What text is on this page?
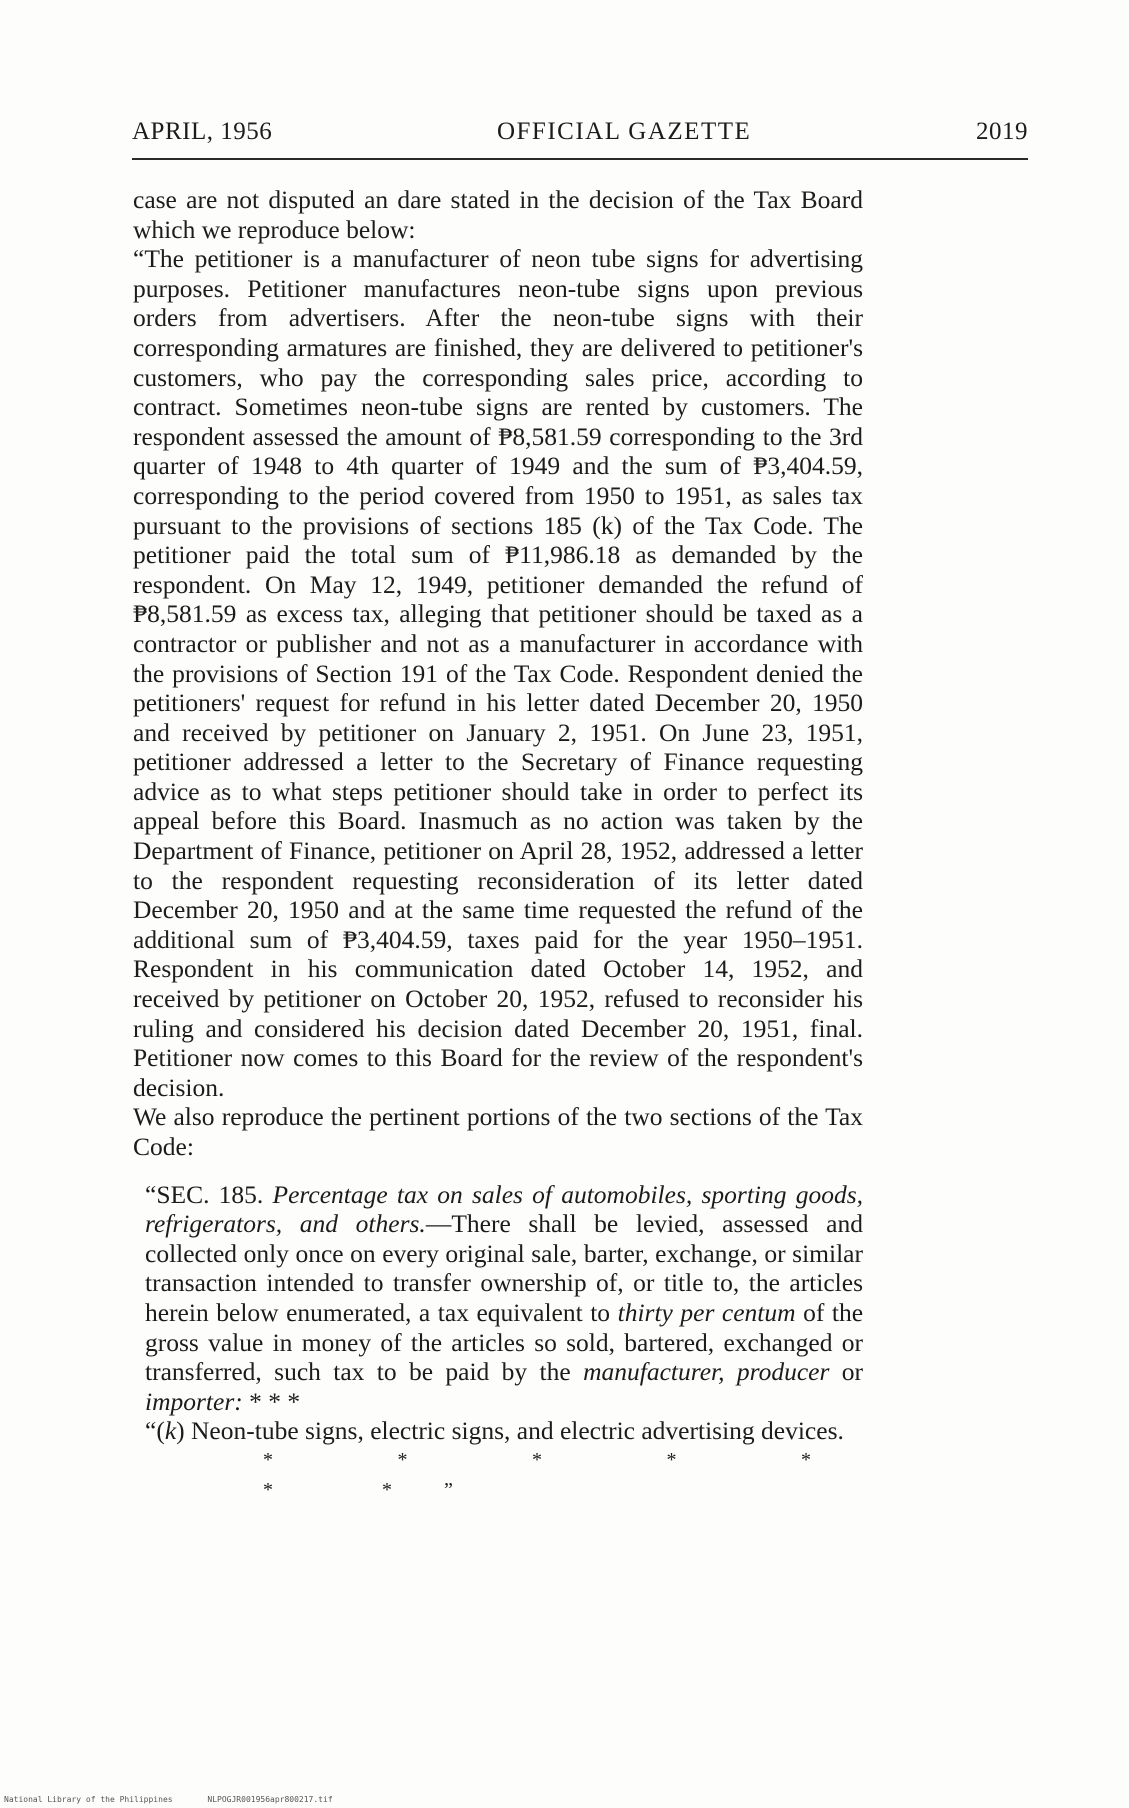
APRIL, 1956	OFFICIAL GAZETTE	2019

case are not disputed an dare stated in the decision of the Tax Board which we reproduce below:

“The petitioner is a manufacturer of neon tube signs for advertising purposes. Petitioner manufactures neon-tube signs upon previous orders from advertisers. After the neon-tube signs with their corresponding armatures are finished, they are delivered to petitioner's customers, who pay the corresponding sales price, according to contract. Sometimes neon-tube signs are rented by customers. The respondent assessed the amount of ₱8,581.59 corresponding to the 3rd quarter of 1948 to 4th quarter of 1949 and the sum of ₱3,404.59, corresponding to the period covered from 1950 to 1951, as sales tax pursuant to the provisions of sections 185 (k) of the Tax Code. The petitioner paid the total sum of ₱11,986.18 as demanded by the respondent. On May 12, 1949, petitioner demanded the refund of ₱8,581.59 as excess tax, alleging that petitioner should be taxed as a contractor or publisher and not as a manufacturer in accordance with the provisions of Section 191 of the Tax Code. Respondent denied the petitioners' request for refund in his letter dated December 20, 1950 and received by petitioner on January 2, 1951. On June 23, 1951, petitioner addressed a letter to the Secretary of Finance requesting advice as to what steps petitioner should take in order to perfect its appeal before this Board. Inasmuch as no action was taken by the Department of Finance, petitioner on April 28, 1952, addressed a letter to the respondent requesting reconsideration of its letter dated December 20, 1950 and at the same time requested the refund of the additional sum of ₱3,404.59, taxes paid for the year 1950–1951. Respondent in his communication dated October 14, 1952, and received by petitioner on October 20, 1952, refused to reconsider his ruling and considered his decision dated December 20, 1951, final. Petitioner now comes to this Board for the review of the respondent's decision.

We also reproduce the pertinent portions of the two sections of the Tax Code:

“SEC. 185. Percentage tax on sales of automobiles, sporting goods, refrigerators, and others.—There shall be levied, assessed and collected only once on every original sale, barter, exchange, or similar transaction intended to transfer ownership of, or title to, the articles herein below enumerated, a tax equivalent to thirty per centum of the gross value in money of the articles so sold, bartered, exchanged or transferred, such tax to be paid by the manufacturer, producer or importer: * * *

“(k) Neon-tube signs, electric signs, and electric advertising devices.

* * * * * * *”

National Library of the Philippines	NLPOGJR001956apr800217.tif
